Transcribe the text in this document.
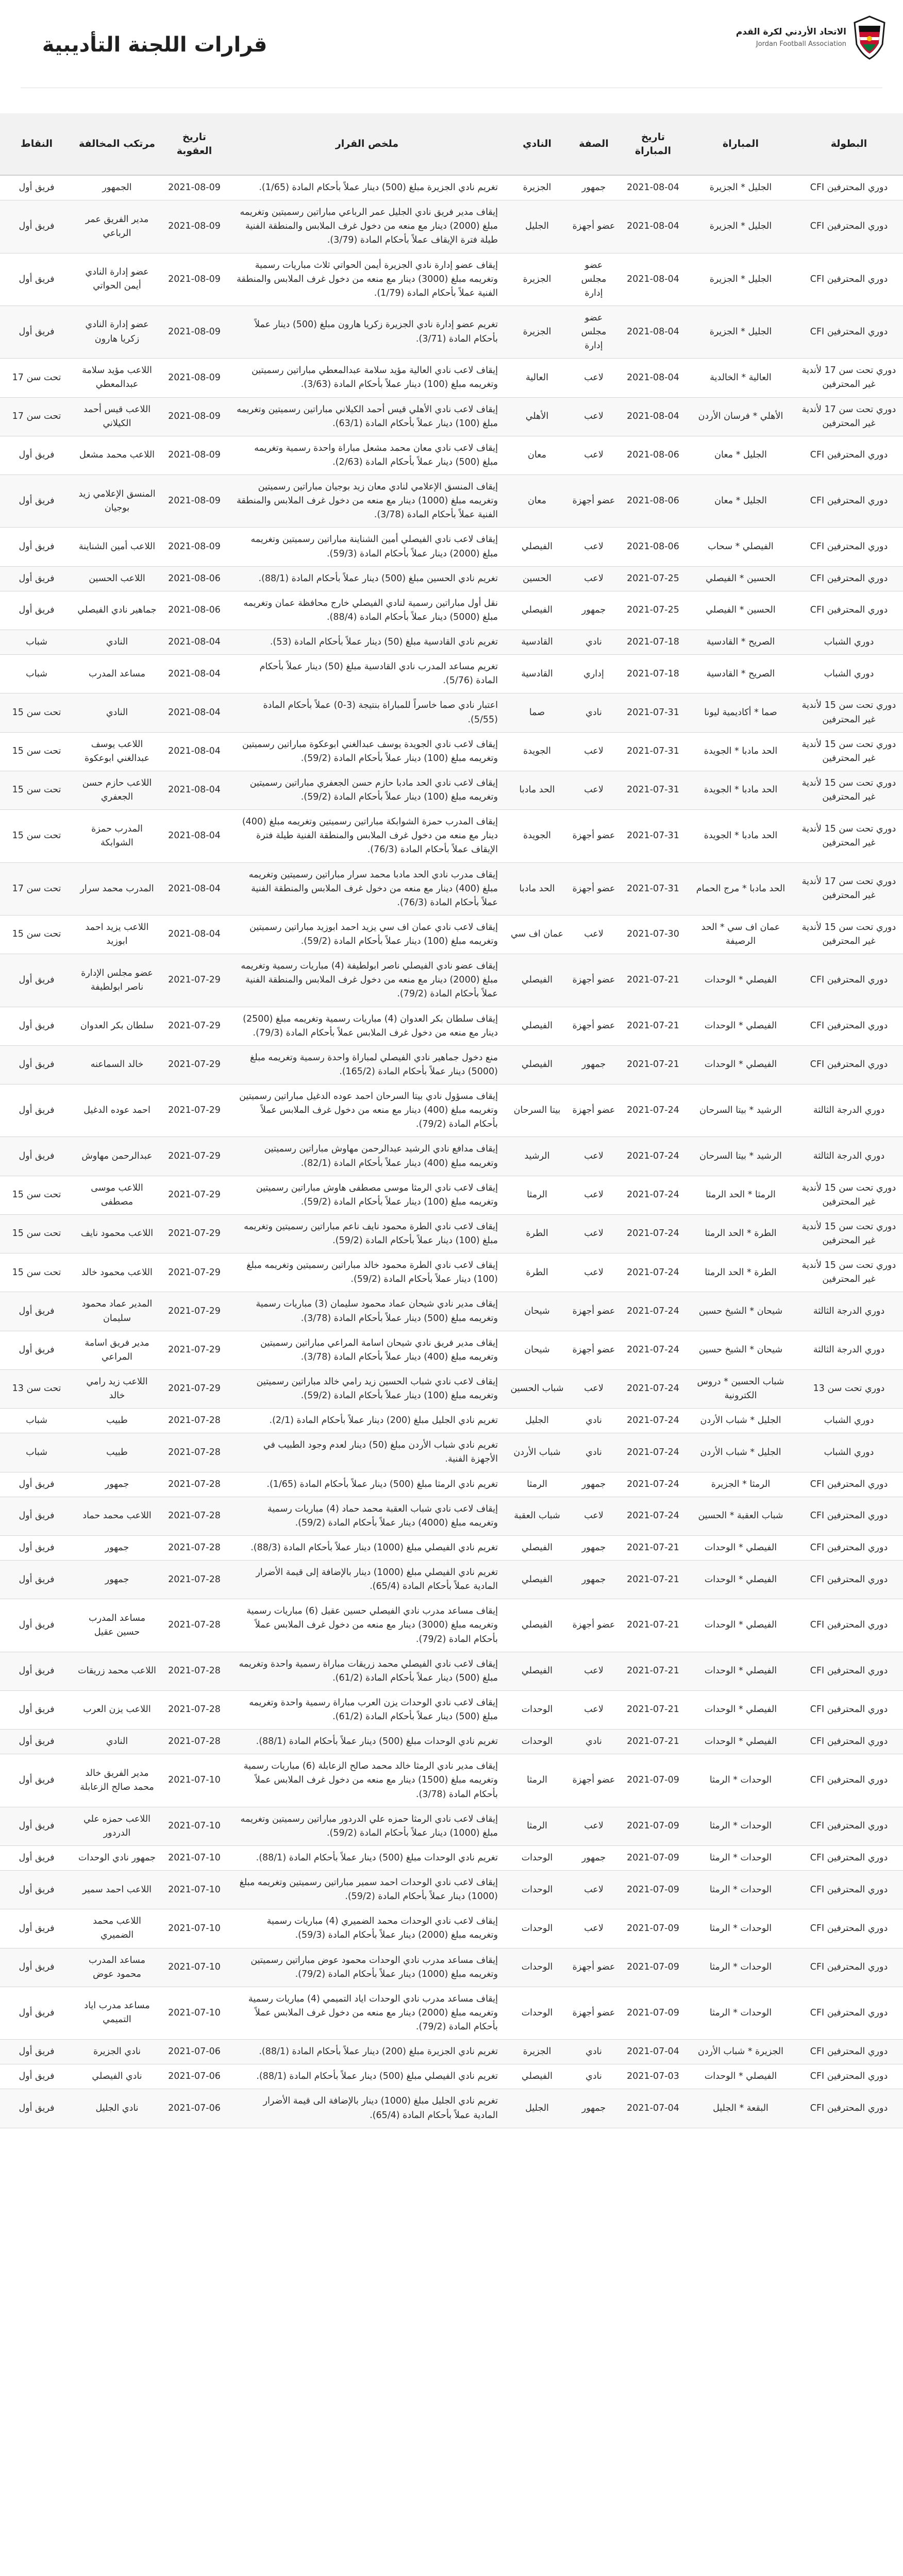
الاتحاد الأردني لكرة القدم
Jordan Football Association
قرارات اللجنة التأديبية
البطولة	المباراة	تاريخ المباراة	الصفة	النادي	ملخص القرار	تاريخ العقوبة	مرتكب المخالفة	النقاط
دوري المحترفين CFI	الجليل * الجزيرة	2021-08-04	جمهور	الجزيرة	تغريم نادي الجزيرة مبلغ (500) دينار عملاً بأحكام المادة (1/65).	2021-08-09	الجمهور	فريق أول
دوري المحترفين CFI	الجليل * الجزيرة	2021-08-04	عضو أجهزة	الجليل	إيقاف مدير فريق نادي الجليل عمر الرباعي مباراتين رسميتين وتغريمه مبلغ (2000) دينار مع منعه من دخول غرف الملابس والمنطقة الفنية طيلة فترة الإيقاف عملاً بأحكام المادة (3/79).	2021-08-09	مدير الفريق عمر الرباعي	فريق أول
دوري المحترفين CFI	الجليل * الجزيرة	2021-08-04	عضو مجلس إدارة	الجزيرة	إيقاف عضو إدارة نادي الجزيرة أيمن الحواتي ثلاث مباريات رسمية وتغريمه مبلغ (3000) دينار مع منعه من دخول غرف الملابس والمنطقة الفنية عملاً بأحكام المادة (1/79).	2021-08-09	عضو إدارة النادي أيمن الحواتي	فريق أول
دوري المحترفين CFI	الجليل * الجزيرة	2021-08-04	عضو مجلس إدارة	الجزيرة	تغريم عضو إدارة نادي الجزيرة زكريا هارون مبلغ (500) دينار عملاً بأحكام المادة (3/71).	2021-08-09	عضو إدارة النادي زكريا هارون	فريق أول
دوري تحت سن 17 لأندية غير المحترفين	العالية * الخالدية	2021-08-04	لاعب	العالية	إيقاف لاعب نادي العالية مؤيد سلامة عبدالمعطي مباراتين رسميتين وتغريمه مبلغ (100) دينار عملاً بأحكام المادة (3/63).	2021-08-09	اللاعب مؤيد سلامة عبدالمعطي	تحت سن 17
دوري تحت سن 17 لأندية غير المحترفين	الأهلي * فرسان الأردن	2021-08-04	لاعب	الأهلي	إيقاف لاعب نادي الأهلي قيس أحمد الكيلاني مباراتين رسميتين وتغريمه مبلغ (100) دينار عملاً بأحكام المادة (63/1).	2021-08-09	اللاعب قيس أحمد الكيلاني	تحت سن 17
دوري المحترفين CFI	الجليل * معان	2021-08-06	لاعب	معان	إيقاف لاعب نادي معان محمد مشعل مباراة واحدة رسمية وتغريمه مبلغ (500) دينار عملاً بأحكام المادة (2/63).	2021-08-09	اللاعب محمد مشعل	فريق أول
دوري المحترفين CFI	الجليل * معان	2021-08-06	عضو أجهزة	معان	إيقاف المنسق الإعلامي لنادي معان زيد بوجيان مباراتين رسميتين وتغريمه مبلغ (1000) دينار مع منعه من دخول غرف الملابس والمنطقة الفنية عملاً بأحكام المادة (3/78).	2021-08-09	المنسق الإعلامي زيد بوجيان	فريق أول
دوري المحترفين CFI	الفيصلي * سحاب	2021-08-06	لاعب	الفيصلي	إيقاف لاعب نادي الفيصلي أمين الشناينة مباراتين رسميتين وتغريمه مبلغ (2000) دينار عملاً بأحكام المادة (59/3).	2021-08-09	اللاعب أمين الشناينة	فريق أول
دوري المحترفين CFI	الحسين * الفيصلي	2021-07-25	لاعب	الحسين	تغريم نادي الحسين مبلغ (500) دينار عملاً بأحكام المادة (88/1).	2021-08-06	اللاعب الحسين	فريق أول
دوري المحترفين CFI	الحسين * الفيصلي	2021-07-25	جمهور	الفيصلي	نقل أول مباراتين رسمية لنادي الفيصلي خارج محافظة عمان وتغريمه مبلغ (5000) دينار عملاً بأحكام المادة (88/4).	2021-08-06	جماهير نادي الفيصلي	فريق أول
دوري الشباب	الصريح * القادسية	2021-07-18	نادي	القادسية	تغريم نادي القادسية مبلغ (50) دينار عملاً بأحكام المادة (53).	2021-08-04	النادي	شباب
دوري الشباب	الصريح * القادسية	2021-07-18	إداري	القادسية	تغريم مساعد المدرب نادي القادسية مبلغ (50) دينار عملاً بأحكام المادة (5/76).	2021-08-04	مساعد المدرب	شباب
دوري تحت سن 15 لأندية غير المحترفين	صما * أكاديمية ليونا	2021-07-31	نادي	صما	اعتبار نادي صما خاسراً للمباراة بنتيجة (3-0) عملاً بأحكام المادة (5/55).	2021-08-04	النادي	تحت سن 15
دوري تحت سن 15 لأندية غير المحترفين	الحد مادبا * الجويدة	2021-07-31	لاعب	الجويدة	إيقاف لاعب نادي الجويدة يوسف عبدالغني ابوعكوة مباراتين رسميتين وتغريمه مبلغ (100) دينار عملاً بأحكام المادة (59/2).	2021-08-04	اللاعب يوسف عبدالغني ابوعكوة	تحت سن 15
دوري تحت سن 15 لأندية غير المحترفين	الحد مادبا * الجويدة	2021-07-31	لاعب	الحد مادبا	إيقاف لاعب نادي الحد مادبا حازم حسن الجعفري مباراتين رسميتين وتغريمه مبلغ (100) دينار عملاً بأحكام المادة (59/2).	2021-08-04	اللاعب حازم حسن الجعفري	تحت سن 15
دوري تحت سن 15 لأندية غير المحترفين	الحد مادبا * الجويدة	2021-07-31	عضو أجهزة	الجويدة	إيقاف المدرب حمزة الشوابكة مباراتين رسميتين وتغريمه مبلغ (400) دينار مع منعه من دخول غرف الملابس والمنطقة الفنية طيلة فترة الإيقاف عملاً بأحكام المادة (76/3).	2021-08-04	المدرب حمزة الشوابكة	تحت سن 15
دوري تحت سن 17 لأندية غير المحترفين	الحد مادبا * مرج الحمام	2021-07-31	عضو أجهزة	الحد مادبا	إيقاف مدرب نادي الحد مادبا محمد سرار مباراتين رسميتين وتغريمه مبلغ (400) دينار مع منعه من دخول غرف الملابس والمنطقة الفنية عملاً بأحكام المادة (76/3).	2021-08-04	المدرب محمد سرار	تحت سن 17
دوري تحت سن 15 لأندية غير المحترفين	عمان اف سي * الحد الرصيفة	2021-07-30	لاعب	عمان اف سي	إيقاف لاعب نادي عمان اف سي يزيد احمد ابوزيد مباراتين رسميتين وتغريمه مبلغ (100) دينار عملاً بأحكام المادة (59/2).	2021-08-04	اللاعب يزيد احمد ابوزيد	تحت سن 15
دوري المحترفين CFI	الفيصلي * الوحدات	2021-07-21	عضو أجهزة	الفيصلي	إيقاف عضو نادي الفيصلي ناصر ابولطيفة (4) مباريات رسمية وتغريمه مبلغ (2000) دينار مع منعه من دخول غرف الملابس والمنطقة الفنية عملاً بأحكام المادة (79/2).	2021-07-29	عضو مجلس الإدارة ناصر ابولطيفة	فريق أول
دوري المحترفين CFI	الفيصلي * الوحدات	2021-07-21	عضو أجهزة	الفيصلي	إيقاف سلطان بكر العدوان (4) مباريات رسمية وتغريمه مبلغ (2500) دينار مع منعه من دخول غرف الملابس عملاً بأحكام المادة (79/3).	2021-07-29	سلطان بكر العدوان	فريق أول
دوري المحترفين CFI	الفيصلي * الوحدات	2021-07-21	جمهور	الفيصلي	منع دخول جماهير نادي الفيصلي لمباراة واحدة رسمية وتغريمه مبلغ (5000) دينار عملاً بأحكام المادة (165/2).	2021-07-29	خالد السماعنه	فريق أول
دوري الدرجة الثالثة	الرشيد * بيتا السرحان	2021-07-24	عضو أجهزة	بيتا السرحان	إيقاف مسؤول نادي بيتا السرحان احمد عوده الدغيل مباراتين رسميتين وتغريمه مبلغ (400) دينار مع منعه من دخول غرف الملابس عملاً بأحكام المادة (79/2).	2021-07-29	احمد عوده الدغيل	فريق أول
دوري الدرجة الثالثة	الرشيد * بيتا السرحان	2021-07-24	لاعب	الرشيد	إيقاف مدافع نادي الرشيد عبدالرحمن مهاوش مباراتين رسميتين وتغريمه مبلغ (400) دينار عملاً بأحكام المادة (82/1).	2021-07-29	عبدالرحمن مهاوش	فريق أول
دوري تحت سن 15 لأندية غير المحترفين	الرمثا * الحد الرمثا	2021-07-24	لاعب	الرمثا	إيقاف لاعب نادي الرمثا موسى مصطفى هاوش مباراتين رسميتين وتغريمه مبلغ (100) دينار عملاً بأحكام المادة (59/2).	2021-07-29	اللاعب موسى مصطفى	تحت سن 15
دوري تحت سن 15 لأندية غير المحترفين	الطرة * الحد الرمثا	2021-07-24	لاعب	الطرة	إيقاف لاعب نادي الطرة محمود نايف ناعم مباراتين رسميتين وتغريمه مبلغ (100) دينار عملاً بأحكام المادة (59/2).	2021-07-29	اللاعب محمود نايف	تحت سن 15
دوري تحت سن 15 لأندية غير المحترفين	الطرة * الحد الرمثا	2021-07-24	لاعب	الطرة	إيقاف لاعب نادي الطرة محمود خالد مباراتين رسميتين وتغريمه مبلغ (100) دينار عملاً بأحكام المادة (59/2).	2021-07-29	اللاعب محمود خالد	تحت سن 15
دوري الدرجة الثالثة	شيحان * الشيخ حسين	2021-07-24	عضو أجهزة	شيحان	إيقاف مدير نادي شيحان عماد محمود سليمان (3) مباريات رسمية وتغريمه مبلغ (500) دينار عملاً بأحكام المادة (3/78).	2021-07-29	المدير عماد محمود سليمان	فريق أول
دوري الدرجة الثالثة	شيحان * الشيخ حسين	2021-07-24	عضو أجهزة	شيحان	إيقاف مدير فريق نادي شيحان اسامة المراعي مباراتين رسميتين وتغريمه مبلغ (400) دينار عملاً بأحكام المادة (3/78).	2021-07-29	مدير فريق اسامة المراعي	فريق أول
دوري تحت سن 13	شباب الحسين * دروس الكترونية	2021-07-24	لاعب	شباب الحسين	إيقاف لاعب نادي شباب الحسين زيد رامي خالد مباراتين رسميتين وتغريمه مبلغ (100) دينار عملاً بأحكام المادة (59/2).	2021-07-29	اللاعب زيد رامي خالد	تحت سن 13
دوري الشباب	الجليل * شباب الأردن	2021-07-24	نادي	الجليل	تغريم نادي الجليل مبلغ (200) دينار عملاً بأحكام المادة (2/1).	2021-07-28	طبيب	شباب
دوري الشباب	الجليل * شباب الأردن	2021-07-24	نادي	شباب الأردن	تغريم نادي شباب الأردن مبلغ (50) دينار لعدم وجود الطبيب في الأجهزة الفنية.	2021-07-28	طبيب	شباب
دوري المحترفين CFI	الرمثا * الجزيرة	2021-07-24	جمهور	الرمثا	تغريم نادي الرمثا مبلغ (500) دينار عملاً بأحكام المادة (1/65).	2021-07-28	جمهور	فريق أول
دوري المحترفين CFI	شباب العقبة * الحسين	2021-07-24	لاعب	شباب العقبة	إيقاف لاعب نادي شباب العقبة محمد حماد (4) مباريات رسمية وتغريمه مبلغ (4000) دينار عملاً بأحكام المادة (59/2).	2021-07-28	اللاعب محمد حماد	فريق أول
دوري المحترفين CFI	الفيصلي * الوحدات	2021-07-21	جمهور	الفيصلي	تغريم نادي الفيصلي مبلغ (1000) دينار عملاً بأحكام المادة (88/3).	2021-07-28	جمهور	فريق أول
دوري المحترفين CFI	الفيصلي * الوحدات	2021-07-21	جمهور	الفيصلي	تغريم نادي الفيصلي مبلغ (1000) دينار بالإضافة إلى قيمة الأضرار المادية عملاً بأحكام المادة (65/4).	2021-07-28	جمهور	فريق أول
دوري المحترفين CFI	الفيصلي * الوحدات	2021-07-21	عضو أجهزة	الفيصلي	إيقاف مساعد مدرب نادي الفيصلي حسين عقيل (6) مباريات رسمية وتغريمه مبلغ (3000) دينار مع منعه من دخول غرف الملابس عملاً بأحكام المادة (79/2).	2021-07-28	مساعد المدرب حسين عقيل	فريق أول
دوري المحترفين CFI	الفيصلي * الوحدات	2021-07-21	لاعب	الفيصلي	إيقاف لاعب نادي الفيصلي محمد زريقات مباراة رسمية واحدة وتغريمه مبلغ (500) دينار عملاً بأحكام المادة (61/2).	2021-07-28	اللاعب محمد زريقات	فريق أول
دوري المحترفين CFI	الفيصلي * الوحدات	2021-07-21	لاعب	الوحدات	إيقاف لاعب نادي الوحدات يزن العرب مباراة رسمية واحدة وتغريمه مبلغ (500) دينار عملاً بأحكام المادة (61/2).	2021-07-28	اللاعب يزن العرب	فريق أول
دوري المحترفين CFI	الفيصلي * الوحدات	2021-07-21	نادي	الوحدات	تغريم نادي الوحدات مبلغ (500) دينار عملاً بأحكام المادة (88/1).	2021-07-28	النادي	فريق أول
دوري المحترفين CFI	الوحدات * الرمثا	2021-07-09	عضو أجهزة	الرمثا	إيقاف مدير نادي الرمثا خالد محمد صالح الزعابلة (6) مباريات رسمية وتغريمه مبلغ (1500) دينار مع منعه من دخول غرف الملابس عملاً بأحكام المادة (3/78).	2021-07-10	مدير الفريق خالد محمد صالح الزعابلة	فريق أول
دوري المحترفين CFI	الوحدات * الرمثا	2021-07-09	لاعب	الرمثا	إيقاف لاعب نادي الرمثا حمزه علي الدردور مباراتين رسميتين وتغريمه مبلغ (1000) دينار عملاً بأحكام المادة (59/2).	2021-07-10	اللاعب حمزه علي الدردور	فريق أول
دوري المحترفين CFI	الوحدات * الرمثا	2021-07-09	جمهور	الوحدات	تغريم نادي الوحدات مبلغ (500) دينار عملاً بأحكام المادة (88/1).	2021-07-10	جمهور نادي الوحدات	فريق أول
دوري المحترفين CFI	الوحدات * الرمثا	2021-07-09	لاعب	الوحدات	إيقاف لاعب نادي الوحدات احمد سمير مباراتين رسميتين وتغريمه مبلغ (1000) دينار عملاً بأحكام المادة (59/2).	2021-07-10	اللاعب احمد سمير	فريق أول
دوري المحترفين CFI	الوحدات * الرمثا	2021-07-09	لاعب	الوحدات	إيقاف لاعب نادي الوحدات محمد الضميري (4) مباريات رسمية وتغريمه مبلغ (2000) دينار عملاً بأحكام المادة (59/3).	2021-07-10	اللاعب محمد الضميري	فريق أول
دوري المحترفين CFI	الوحدات * الرمثا	2021-07-09	عضو أجهزة	الوحدات	إيقاف مساعد مدرب نادي الوحدات محمود عوض مباراتين رسميتين وتغريمه مبلغ (1000) دينار عملاً بأحكام المادة (79/2).	2021-07-10	مساعد المدرب محمود عوض	فريق أول
دوري المحترفين CFI	الوحدات * الرمثا	2021-07-09	عضو أجهزة	الوحدات	إيقاف مساعد مدرب نادي الوحدات اياد التميمي (4) مباريات رسمية وتغريمه مبلغ (2000) دينار مع منعه من دخول غرف الملابس عملاً بأحكام المادة (79/2).	2021-07-10	مساعد مدرب اياد التميمي	فريق أول
دوري المحترفين CFI	الجزيرة * شباب الأردن	2021-07-04	نادي	الجزيرة	تغريم نادي الجزيرة مبلغ (200) دينار عملاً بأحكام المادة (88/1).	2021-07-06	نادي الجزيرة	فريق أول
دوري المحترفين CFI	الفيصلي * الوحدات	2021-07-03	نادي	الفيصلي	تغريم نادي الفيصلي مبلغ (500) دينار عملاً بأحكام المادة (88/1).	2021-07-06	نادي الفيصلي	فريق أول
دوري المحترفين CFI	البقعة * الجليل	2021-07-04	جمهور	الجليل	تغريم نادي الجليل مبلغ (1000) دينار بالإضافة الى قيمة الأضرار المادية عملاً بأحكام المادة (65/4).	2021-07-06	نادي الجليل	فريق أول
